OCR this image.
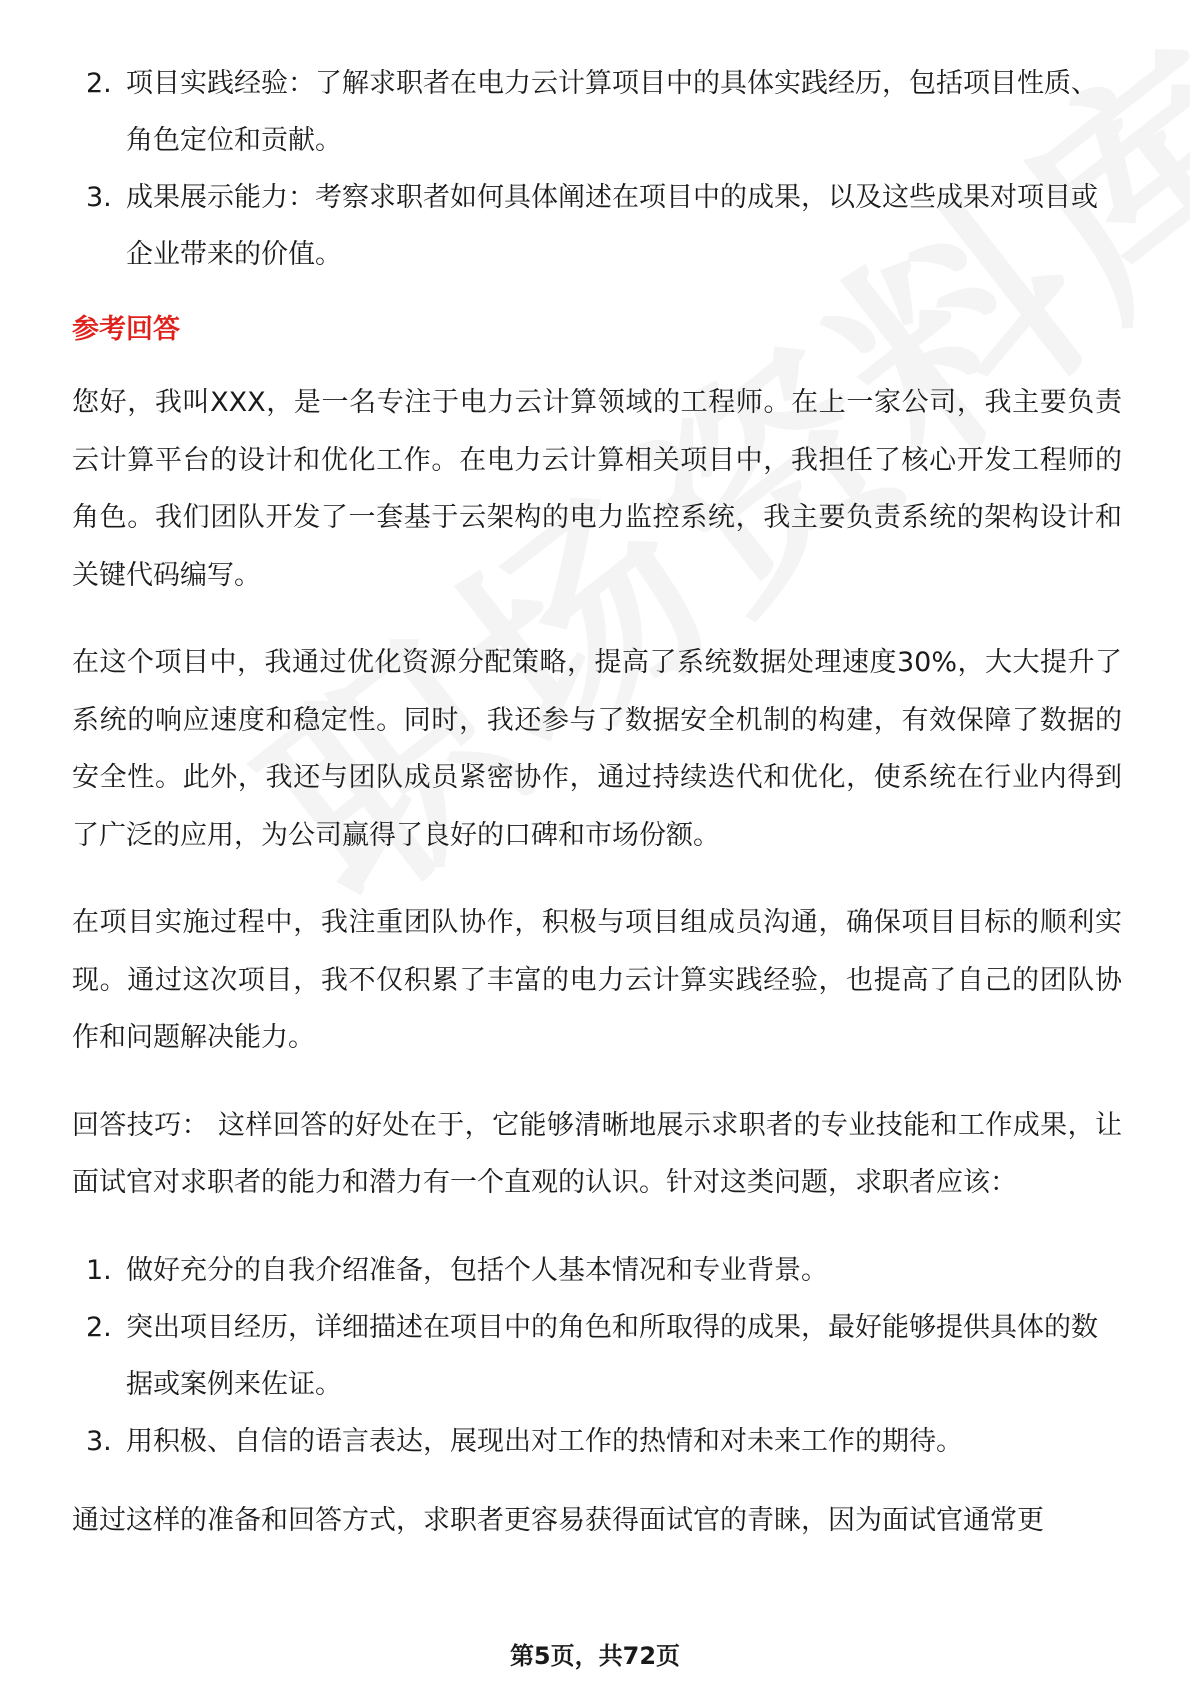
2. 项目实践经验：了解求职者在电力云计算项目中的具体实践经历，包括项目性质、角色定位和贡献。
3. 成果展示能力：考察求职者如何具体阐述在项目中的成果，以及这些成果对项目或企业带来的价值。
参考回答

您好，我叫XXX，是一名专注于电力云计算领域的工程师。在上一家公司，我主要负责云计算平台的设计和优化工作。在电力云计算相关项目中，我担任了核心开发工程师的角色。我们团队开发了一套基于云架构的电力监控系统，我主要负责系统的架构设计和关键代码编写。

在这个项目中，我通过优化资源分配策略，提高了系统数据处理速度30%，大大提升了系统的响应速度和稳定性。同时，我还参与了数据安全机制的构建，有效保障了数据的安全性。此外，我还与团队成员紧密协作，通过持续迭代和优化，使系统在行业内得到了广泛的应用，为公司赢得了良好的口碑和市场份额。

在项目实施过程中，我注重团队协作，积极与项目组成员沟通，确保项目目标的顺利实现。通过这次项目，我不仅积累了丰富的电力云计算实践经验，也提高了自己的团队协作和问题解决能力。

回答技巧： 这样回答的好处在于，它能够清晰地展示求职者的专业技能和工作成果，让面试官对求职者的能力和潜力有一个直观的认识。针对这类问题，求职者应该：

1. 做好充分的自我介绍准备，包括个人基本情况和专业背景。
2. 突出项目经历，详细描述在项目中的角色和所取得的成果，最好能够提供具体的数据或案例来佐证。
3. 用积极、自信的语言表达，展现出对工作的热情和对未来工作的期待。

通过这样的准备和回答方式，求职者更容易获得面试官的青睐，因为面试官通常更

第5页，共72页
